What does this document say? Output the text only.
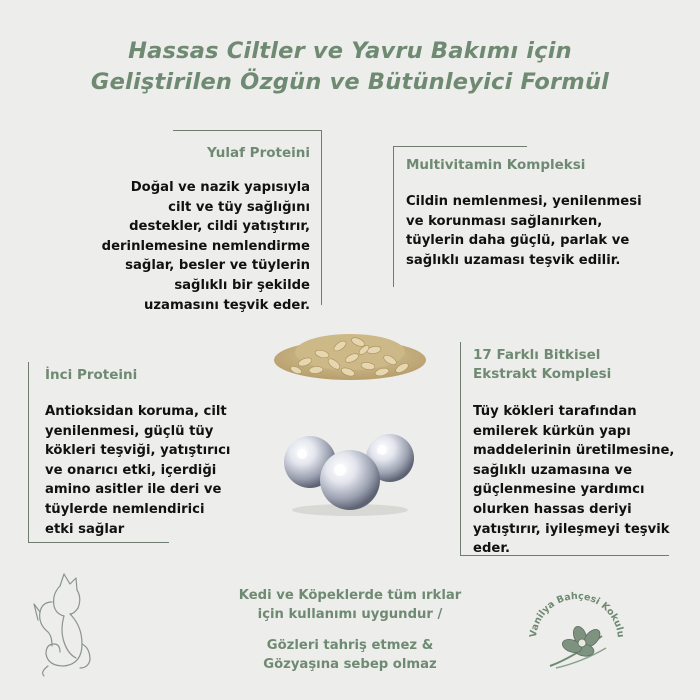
Hassas Ciltler ve Yavru Bakımı için
Geliştirilen Özgün ve Bütünleyici Formül
Yulaf Proteini
Doğal ve nazik yapısıyla
cilt ve tüy sağlığını
destekler, cildi yatıştırır,
derinlemesine nemlendirme
sağlar, besler ve tüylerin
sağlıklı bir şekilde
uzamasını teşvik eder.
Multivitamin Kompleksi
Cildin nemlenmesi, yenilenmesi
ve korunması sağlanırken,
tüylerin daha güçlü, parlak ve
sağlıklı uzaması teşvik edilir.
İnci Proteini
Antioksidan koruma, cilt
yenilenmesi, güçlü tüy
kökleri teşviği, yatıştırıcı
ve onarıcı etki, içerdiği
amino asitler ile deri ve
tüylerde nemlendirici
etki sağlar
17 Farklı Bitkisel
Ekstrakt Komplesi
Tüy kökleri tarafından
emilerek kürkün yapı
maddelerinin üretilmesine,
sağlıklı uzamasına ve
güçlenmesine yardımcı
olurken hassas deriyi
yatıştırır, iyileşmeyi teşvik
eder.
Kedi ve Köpeklerde tüm ırklar
için kullanımı uygundur /
Gözleri tahriş etmez &
Gözyaşına sebep olmaz
Vanilya Bahçesi Kokulu
